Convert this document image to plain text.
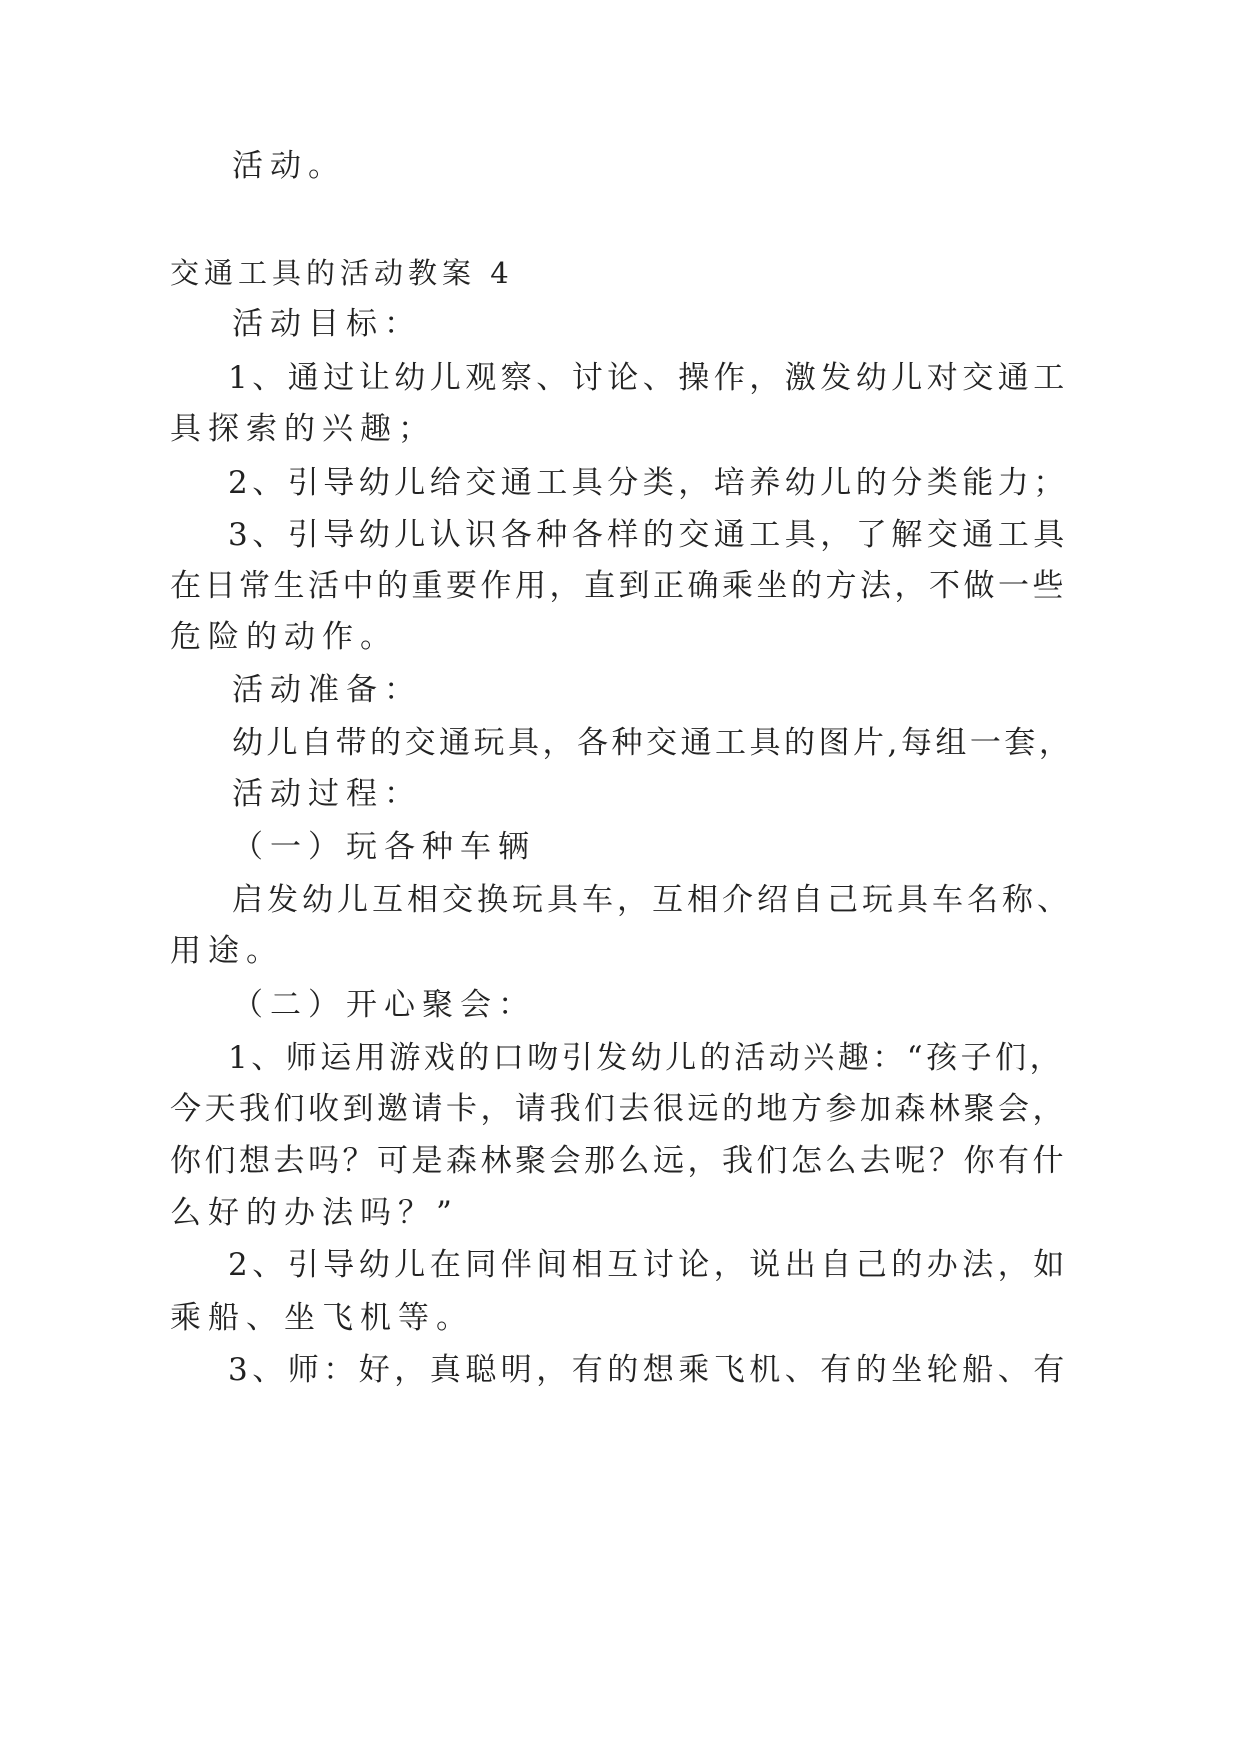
活动。
交通工具的活动教案 4
活动目标：
1、通过让幼儿观察、讨论、操作，激发幼儿对交通工
具探索的兴趣；
2、引导幼儿给交通工具分类，培养幼儿的分类能力；
3、引导幼儿认识各种各样的交通工具，了解交通工具
在日常生活中的重要作用，直到正确乘坐的方法，不做一些
危险的动作。
活动准备：
幼儿自带的交通玩具，各种交通工具的图片,每组一套，
活动过程：
（一）玩各种车辆
启发幼儿互相交换玩具车，互相介绍自己玩具车名称、
用途。
（二）开心聚会：
1、师运用游戏的口吻引发幼儿的活动兴趣：“孩子们，
今天我们收到邀请卡，请我们去很远的地方参加森林聚会，
你们想去吗？可是森林聚会那么远，我们怎么去呢？你有什
么好的办法吗？”
2、引导幼儿在同伴间相互讨论，说出自己的办法，如
乘船、坐飞机等。
3、师：好，真聪明，有的想乘飞机、有的坐轮船、有
